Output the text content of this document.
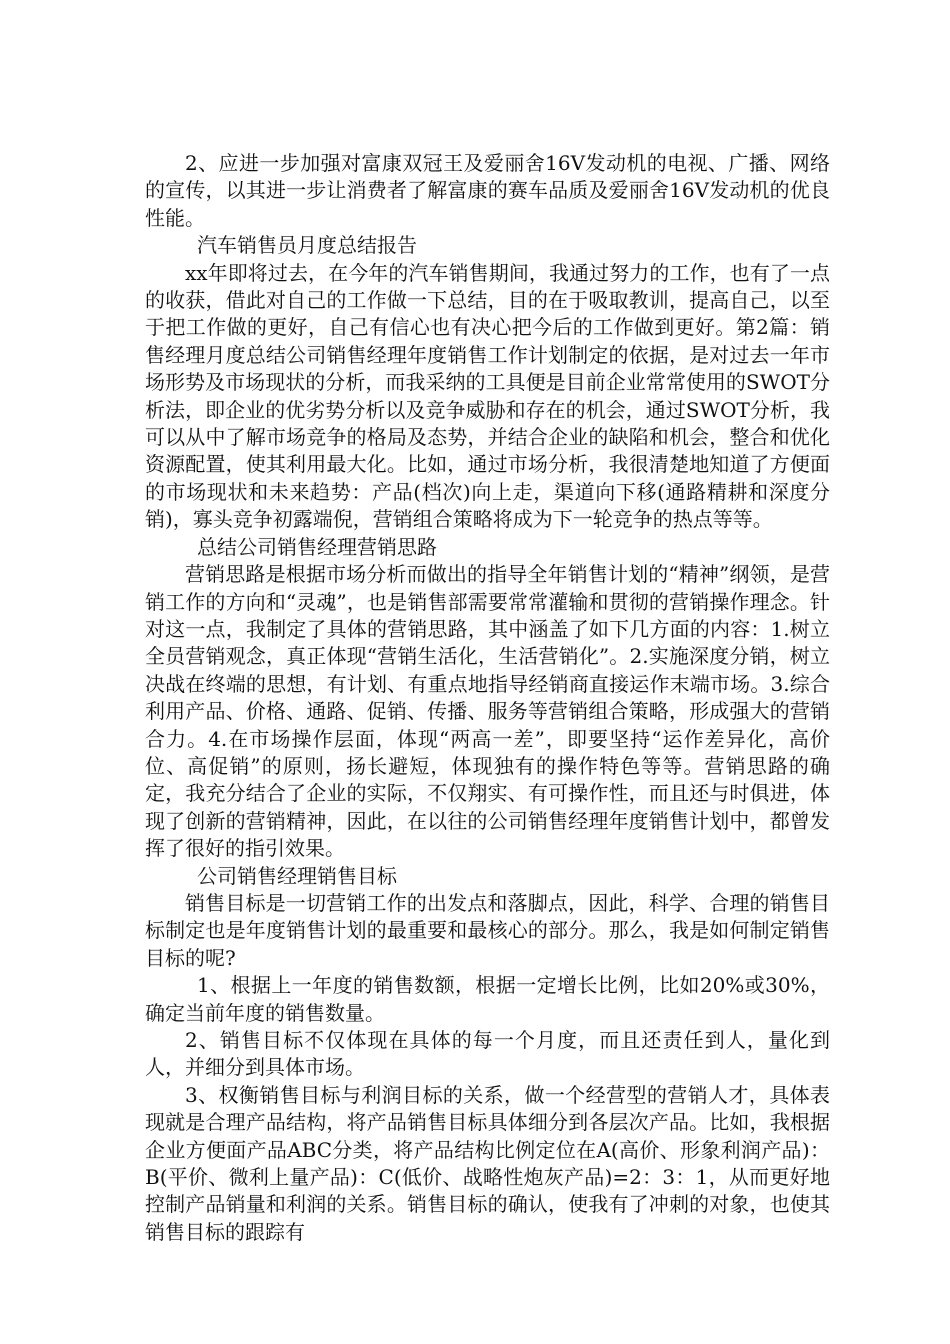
2、应进一步加强对富康双冠王及爱丽舍16V发动机的电视、广播、网络的宣传，以其进一步让消费者了解富康的赛车品质及爱丽舍16V发动机的优良性能。

汽车销售员月度总结报告

xx年即将过去，在今年的汽车销售期间，我通过努力的工作，也有了一点的收获，借此对自己的工作做一下总结，目的在于吸取教训，提高自己，以至于把工作做的更好，自己有信心也有决心把今后的工作做到更好。第2篇：销售经理月度总结公司销售经理年度销售工作计划制定的依据，是对过去一年市场形势及市场现状的分析，而我采纳的工具便是目前企业常常使用的SWOT分析法，即企业的优劣势分析以及竞争威胁和存在的机会，通过SWOT分析，我可以从中了解市场竞争的格局及态势，并结合企业的缺陷和机会，整合和优化资源配置，使其利用最大化。比如，通过市场分析，我很清楚地知道了方便面的市场现状和未来趋势：产品(档次)向上走，渠道向下移(通路精耕和深度分销)，寡头竞争初露端倪，营销组合策略将成为下一轮竞争的热点等等。

总结公司销售经理营销思路

营销思路是根据市场分析而做出的指导全年销售计划的“精神”纲领，是营销工作的方向和“灵魂”，也是销售部需要常常灌输和贯彻的营销操作理念。针对这一点，我制定了具体的营销思路，其中涵盖了如下几方面的内容：1.树立全员营销观念，真正体现“营销生活化，生活营销化”。2.实施深度分销，树立决战在终端的思想，有计划、有重点地指导经销商直接运作末端市场。3.综合利用产品、价格、通路、促销、传播、服务等营销组合策略，形成强大的营销合力。4.在市场操作层面，体现“两高一差”，即要坚持“运作差异化，高价位、高促销”的原则，扬长避短，体现独有的操作特色等等。营销思路的确定，我充分结合了企业的实际，不仅翔实、有可操作性，而且还与时俱进，体现了创新的营销精神，因此，在以往的公司销售经理年度销售计划中，都曾发挥了很好的指引效果。

公司销售经理销售目标

销售目标是一切营销工作的出发点和落脚点，因此，科学、合理的销售目标制定也是年度销售计划的最重要和最核心的部分。那么，我是如何制定销售目标的呢?

1、根据上一年度的销售数额，根据一定增长比例，比如20%或30%，确定当前年度的销售数量。

2、销售目标不仅体现在具体的每一个月度，而且还责任到人，量化到人，并细分到具体市场。

3、权衡销售目标与利润目标的关系，做一个经营型的营销人才，具体表现就是合理产品结构，将产品销售目标具体细分到各层次产品。比如，我根据企业方便面产品ABC分类，将产品结构比例定位在A(高价、形象利润产品)：B(平价、微利上量产品)：C(低价、战略性炮灰产品)=2：3：1，从而更好地控制产品销量和利润的关系。销售目标的确认，使我有了冲刺的对象，也使其销售目标的跟踪有
